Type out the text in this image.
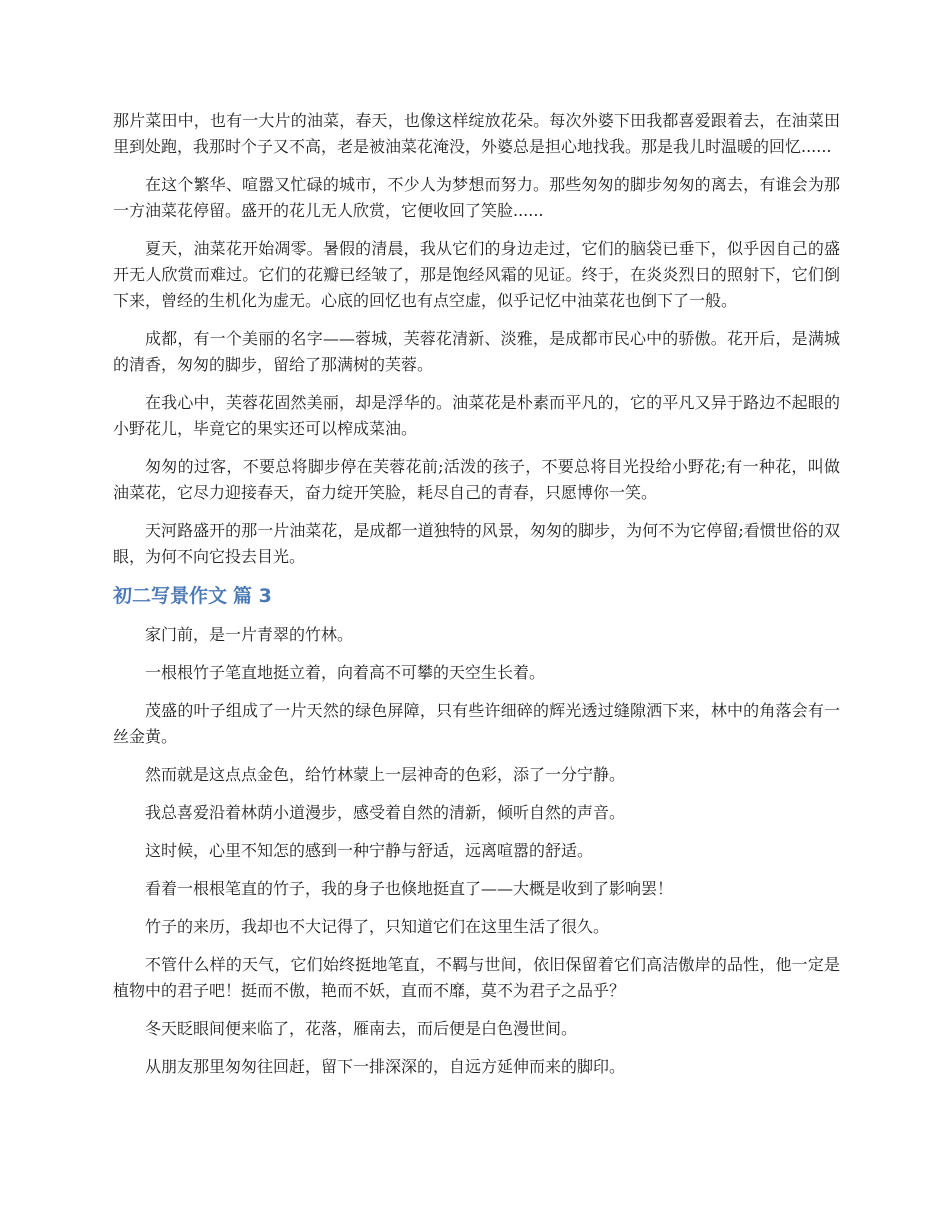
那片菜田中，也有一大片的油菜，春天，也像这样绽放花朵。每次外婆下田我都喜爱跟着去，在油菜田里到处跑，我那时个子又不高，老是被油菜花淹没，外婆总是担心地找我。那是我儿时温暖的回忆......

在这个繁华、喧嚣又忙碌的城市，不少人为梦想而努力。那些匆匆的脚步匆匆的离去，有谁会为那一方油菜花停留。盛开的花儿无人欣赏，它便收回了笑脸......

夏天，油菜花开始凋零。暑假的清晨，我从它们的身边走过，它们的脑袋已垂下，似乎因自己的盛开无人欣赏而难过。它们的花瓣已经皱了，那是饱经风霜的见证。终于，在炎炎烈日的照射下，它们倒下来，曾经的生机化为虚无。心底的回忆也有点空虚，似乎记忆中油菜花也倒下了一般。

成都，有一个美丽的名字——蓉城，芙蓉花清新、淡雅，是成都市民心中的骄傲。花开后，是满城的清香，匆匆的脚步，留给了那满树的芙蓉。

在我心中，芙蓉花固然美丽，却是浮华的。油菜花是朴素而平凡的，它的平凡又异于路边不起眼的小野花儿，毕竟它的果实还可以榨成菜油。

匆匆的过客，不要总将脚步停在芙蓉花前;活泼的孩子，不要总将目光投给小野花;有一种花，叫做油菜花，它尽力迎接春天，奋力绽开笑脸，耗尽自己的青春，只愿博你一笑。

天河路盛开的那一片油菜花，是成都一道独特的风景，匆匆的脚步，为何不为它停留;看惯世俗的双眼，为何不向它投去目光。

初二写景作文 篇 3

家门前，是一片青翠的竹林。

一根根竹子笔直地挺立着，向着高不可攀的天空生长着。

茂盛的叶子组成了一片天然的绿色屏障，只有些许细碎的辉光透过缝隙洒下来，林中的角落会有一丝金黄。

然而就是这点点金色，给竹林蒙上一层神奇的色彩，添了一分宁静。

我总喜爱沿着林荫小道漫步，感受着自然的清新，倾听自然的声音。

这时候，心里不知怎的感到一种宁静与舒适，远离喧嚣的舒适。

看着一根根笔直的竹子，我的身子也倏地挺直了——大概是收到了影响罢！

竹子的来历，我却也不大记得了，只知道它们在这里生活了很久。

不管什么样的天气，它们始终挺地笔直，不羁与世间，依旧保留着它们高洁傲岸的品性，他一定是植物中的君子吧！挺而不傲，艳而不妖，直而不靡，莫不为君子之品乎？

冬天眨眼间便来临了，花落，雁南去，而后便是白色漫世间。

从朋友那里匆匆往回赶，留下一排深深的，自远方延伸而来的脚印。
